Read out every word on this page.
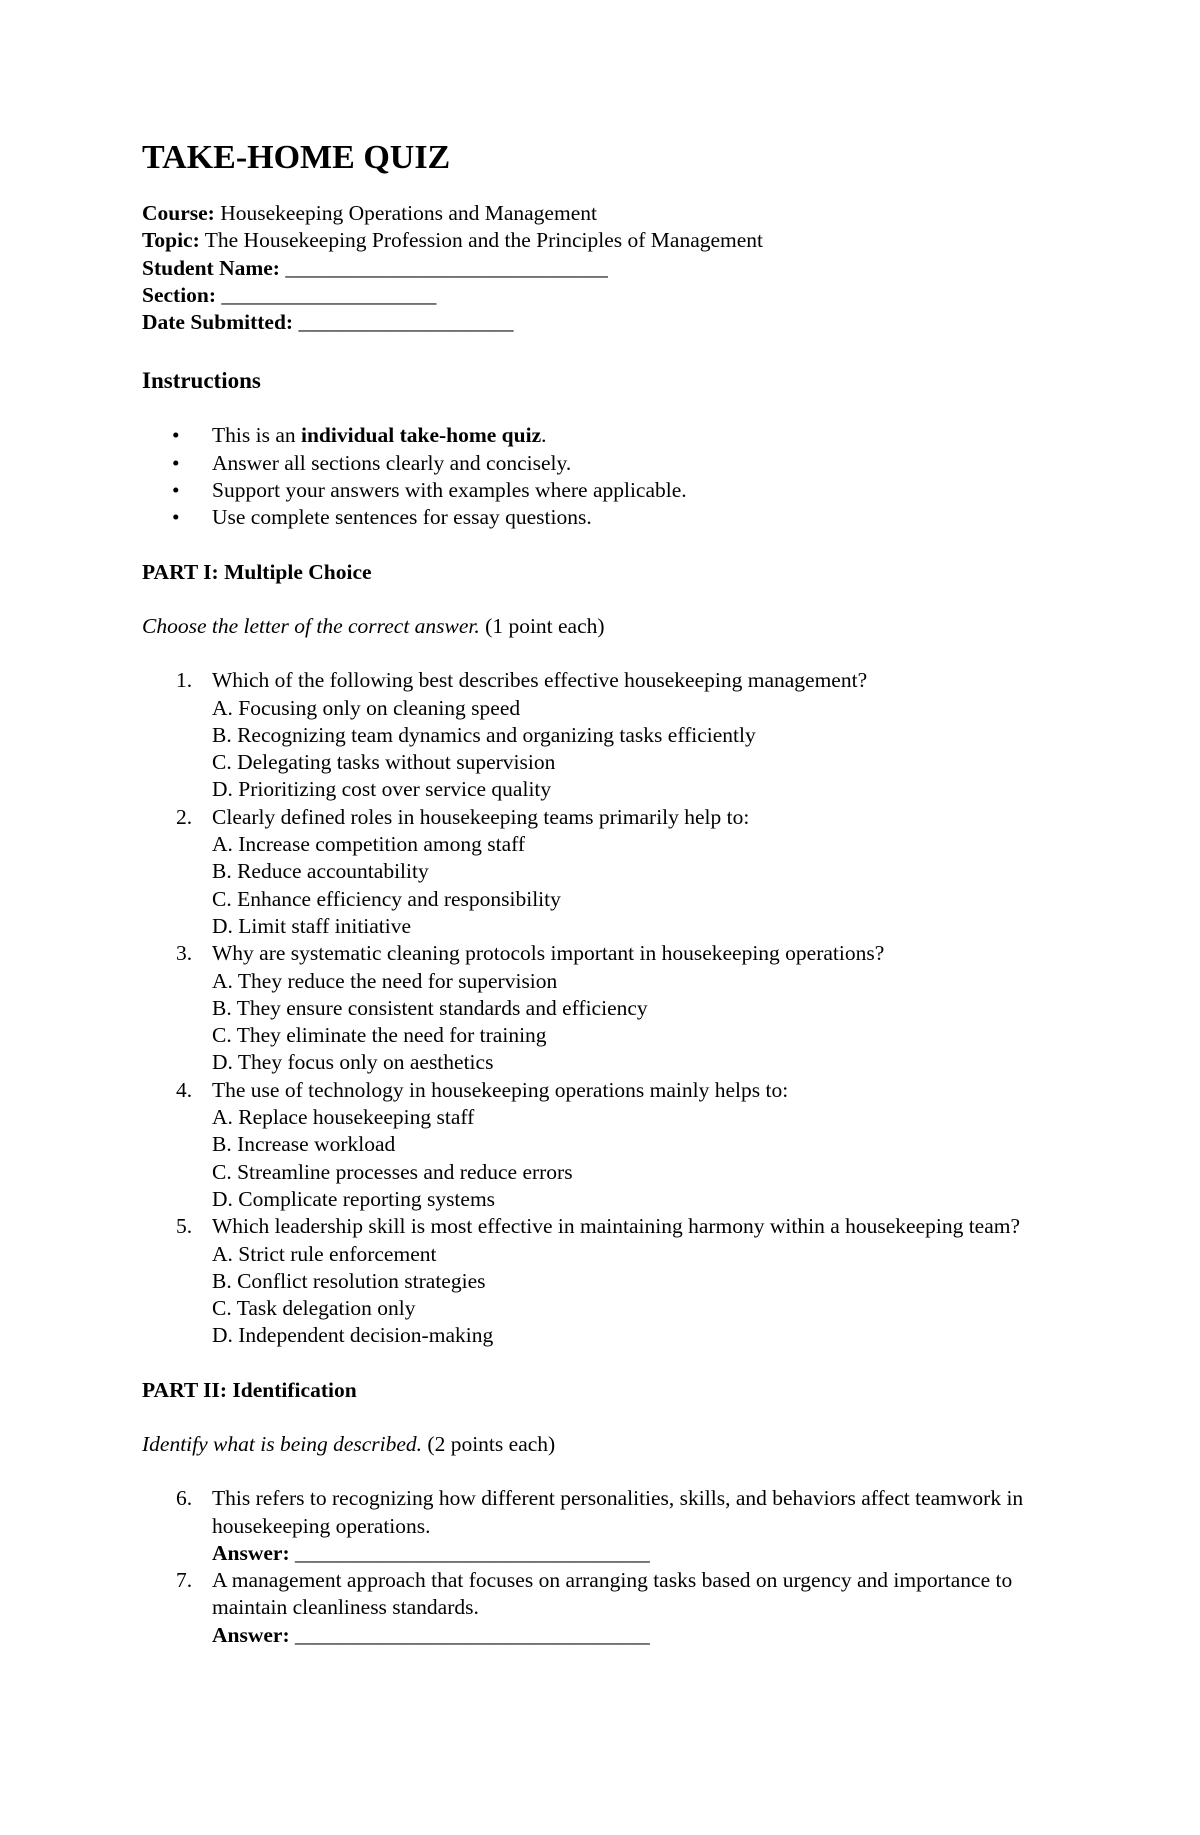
TAKE-HOME QUIZ
Course: Housekeeping Operations and Management
Topic: The Housekeeping Profession and the Principles of Management
Student Name: ______________________________
Section: ____________________
Date Submitted: ____________________
Instructions
• This is an individual take-home quiz.
• Answer all sections clearly and concisely.
• Support your answers with examples where applicable.
• Use complete sentences for essay questions.
PART I: Multiple Choice
Choose the letter of the correct answer. (1 point each)
1. Which of the following best describes effective housekeeping management?
A. Focusing only on cleaning speed
B. Recognizing team dynamics and organizing tasks efficiently
C. Delegating tasks without supervision
D. Prioritizing cost over service quality
2. Clearly defined roles in housekeeping teams primarily help to:
A. Increase competition among staff
B. Reduce accountability
C. Enhance efficiency and responsibility
D. Limit staff initiative
3. Why are systematic cleaning protocols important in housekeeping operations?
A. They reduce the need for supervision
B. They ensure consistent standards and efficiency
C. They eliminate the need for training
D. They focus only on aesthetics
4. The use of technology in housekeeping operations mainly helps to:
A. Replace housekeeping staff
B. Increase workload
C. Streamline processes and reduce errors
D. Complicate reporting systems
5. Which leadership skill is most effective in maintaining harmony within a housekeeping team?
A. Strict rule enforcement
B. Conflict resolution strategies
C. Task delegation only
D. Independent decision-making
PART II: Identification
Identify what is being described. (2 points each)
6. This refers to recognizing how different personalities, skills, and behaviors affect teamwork in housekeeping operations.
Answer: _________________________________
7. A management approach that focuses on arranging tasks based on urgency and importance to maintain cleanliness standards.
Answer: _________________________________
